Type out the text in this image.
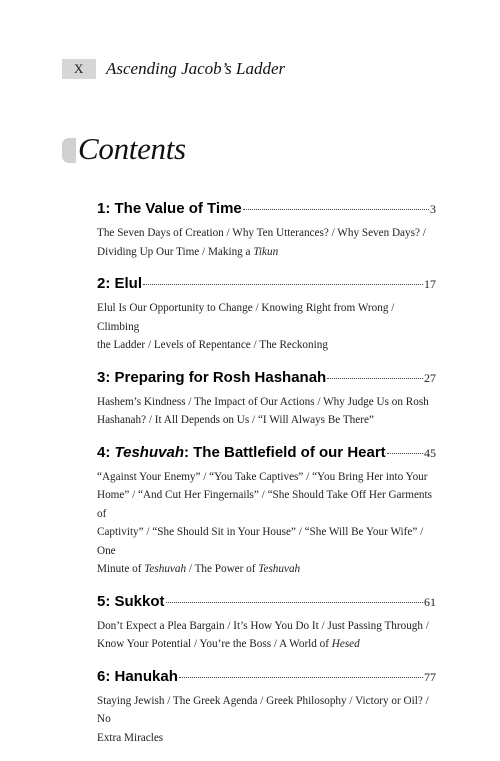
X	Ascending Jacob’s Ladder
Contents
1: The Value of Time	3
The Seven Days of Creation / Why Ten Utterances? / Why Seven Days? /
Dividing Up Our Time / Making a Tikun
2: Elul	17
Elul Is Our Opportunity to Change / Knowing Right from Wrong / Climbing
the Ladder / Levels of Repentance / The Reckoning
3: Preparing for Rosh Hashanah	27
Hashem’s Kindness / The Impact of Our Actions / Why Judge Us on Rosh
Hashanah? / It All Depends on Us / “I Will Always Be There”
4: Teshuvah: The Battlefield of our Heart	45
“Against Your Enemy” / “You Take Captives” / “You Bring Her into Your
Home” / “And Cut Her Fingernails” / “She Should Take Off Her Garments of
Captivity” / “She Should Sit in Your House” / “She Will Be Your Wife” / One
Minute of Teshuvah / The Power of Teshuvah
5: Sukkot	61
Don’t Expect a Plea Bargain / It’s How You Do It / Just Passing Through /
Know Your Potential / You’re the Boss / A World of Hesed
6: Hanukah	77
Staying Jewish / The Greek Agenda / Greek Philosophy / Victory or Oil? / No
Extra Miracles
